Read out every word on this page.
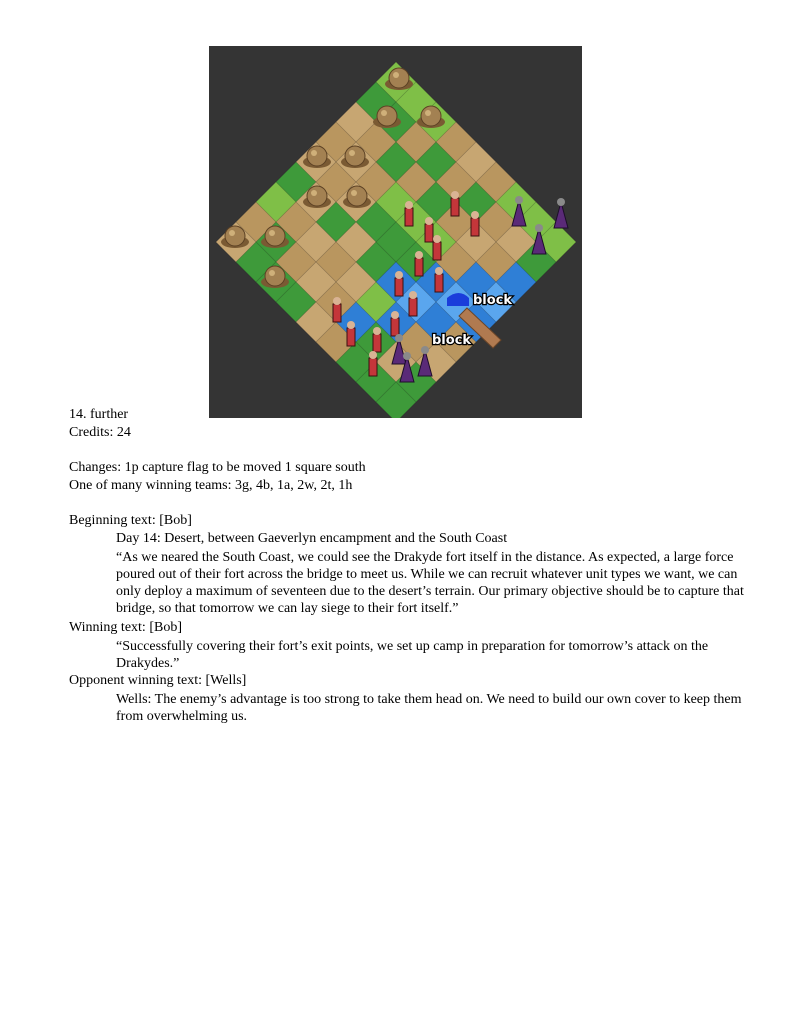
block
block
14. further
Credits: 24
Changes: 1p capture flag to be moved 1 square south
One of many winning teams: 3g, 4b, 1a, 2w, 2t, 1h
Beginning text: [Bob]
Day 14: Desert, between Gaeverlyn encampment and the South Coast
“As we neared the South Coast, we could see the Drakyde fort itself in the distance. As expected, a large force poured out of their fort across the bridge to meet us. While we can recruit whatever unit types we want, we can only deploy a maximum of seventeen due to the desert’s terrain. Our primary objective should be to capture that bridge, so that tomorrow we can lay siege to their fort itself.”
Winning text: [Bob]
“Successfully covering their fort’s exit points, we set up camp in preparation for tomorrow’s attack on the Drakydes.”
Opponent winning text: [Wells]
Wells: The enemy’s advantage is too strong to take them head on. We need to build our own cover to keep them from overwhelming us.
